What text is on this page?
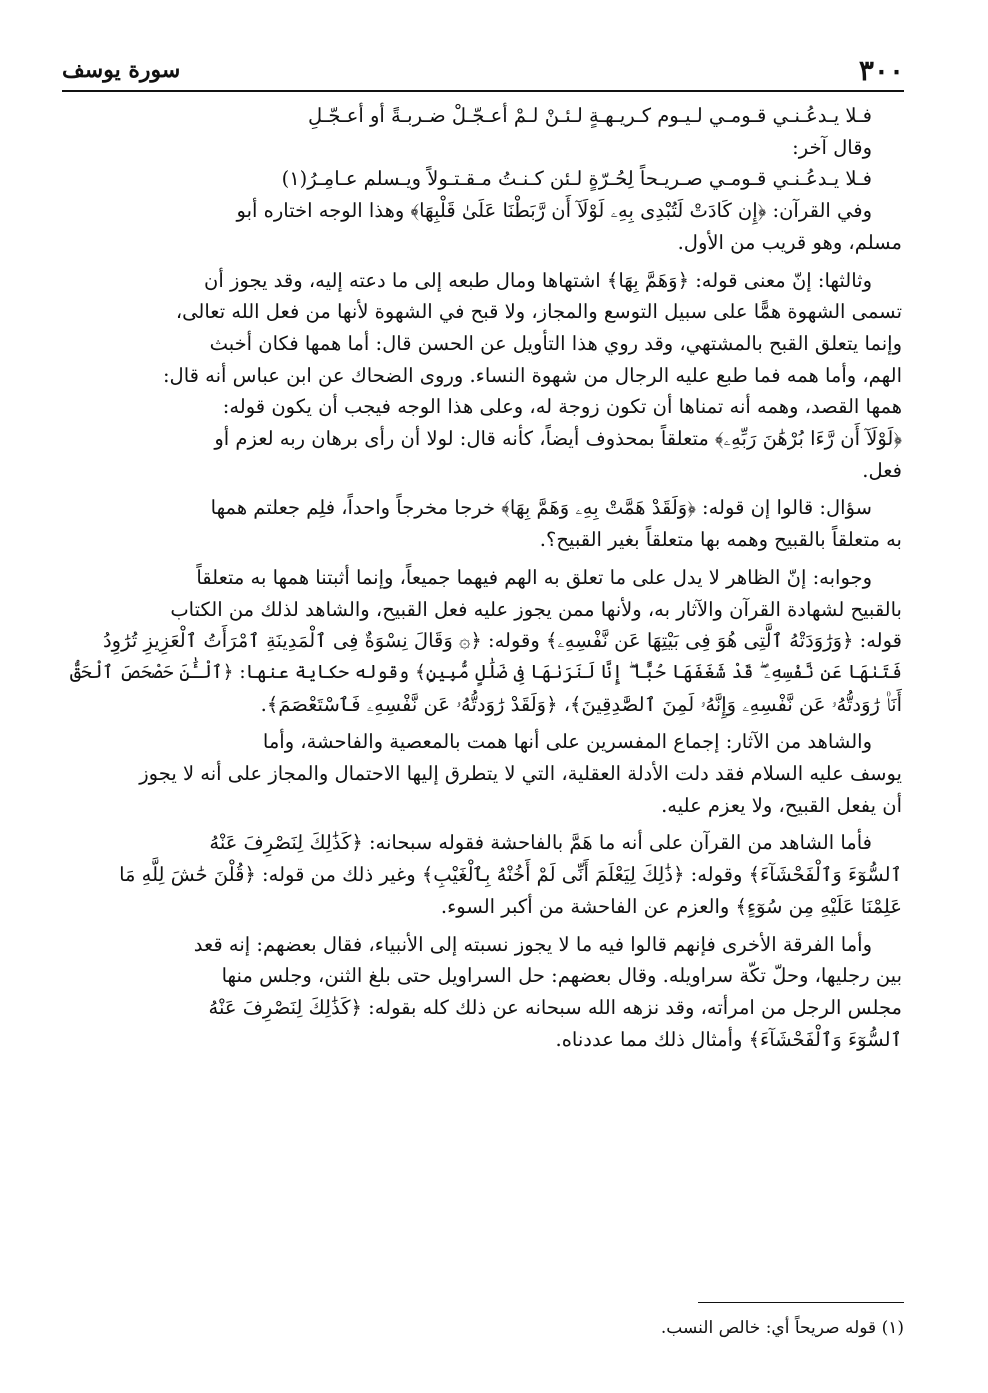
٣٠٠
سورة يوسف
فـلا يـدعُـنـي قـومـي لـيـوم كـريـهـةٍ لـئـنْ لـمْ أعـجّـلْ ضـربـةً أو أعـجّـلِ
وقال آخر:
فـلا يـدعُـنـي قـومـي صـريـحاً لِحُـرّةٍ لـئن كـنـتُ مـقـتـولاً ويـسلم عـامِـرُ(١)
وفي القرآن: ﴿إِن كَادَتْ لَتُبْدِى بِهِۦ لَوْلَآ أَن رَّبَطْنَا عَلَىٰ قَلْبِهَا﴾ وهذا الوجه اختاره أبو
مسلم، وهو قريب من الأول.
وثالثها: إنّ معنى قوله: ﴿وَهَمَّ بِهَا﴾ اشتهاها ومال طبعه إلى ما دعته إليه، وقد يجوز أن
تسمى الشهوة همًّا على سبيل التوسع والمجاز، ولا قبح في الشهوة لأنها من فعل الله تعالى،
وإنما يتعلق القبح بالمشتهي، وقد روي هذا التأويل عن الحسن قال: أما همها فكان أخبث
الهم، وأما همه فما طبع عليه الرجال من شهوة النساء. وروى الضحاك عن ابن عباس أنه قال:
همها القصد، وهمه أنه تمناها أن تكون زوجة له، وعلى هذا الوجه فيجب أن يكون قوله:
﴿لَوْلَآ أَن رَّءَا بُرْهَٰنَ رَبِّهِۦ﴾ متعلقاً بمحذوف أيضاً، كأنه قال: لولا أن رأى برهان ربه لعزم أو
فعل.
سؤال: قالوا إن قوله: ﴿وَلَقَدْ هَمَّتْ بِهِۦ وَهَمَّ بِهَا﴾ خرجا مخرجاً واحداً، فلِم جعلتم همها
به متعلقاً بالقبيح وهمه بها متعلقاً بغير القبيح؟.
وجوابه: إنّ الظاهر لا يدل على ما تعلق به الهم فيهما جميعاً، وإنما أثبتنا همها به متعلقاً
بالقبيح لشهادة القرآن والآثار به، ولأنها ممن يجوز عليه فعل القبيح، والشاهد لذلك من الكتاب
قوله: ﴿وَرَٰوَدَتْهُ ٱلَّتِى هُوَ فِى بَيْتِهَا عَن نَّفْسِهِۦ﴾ وقوله: ﴿۞ وَقَالَ نِسْوَةٌ فِى ٱلْمَدِينَةِ ٱمْرَأَتُ ٱلْعَزِيزِ تُرَٰوِدُ
فَتَىٰهَا عَن نَّفْسِهِۦ ۖ قَدْ شَغَفَهَا حُبًّا ۖ إِنَّا لَنَرَىٰهَا فِى ضَلَٰلٍ مُّبِينٍ﴾ وقوله حكاية عنها: ﴿ٱلْـَٰٔنَ حَصْحَصَ ٱلْحَقُّ
أَنَا۠ رَٰوَدتُّهُۥ عَن نَّفْسِهِۦ وَإِنَّهُۥ لَمِنَ ٱلصَّٰدِقِينَ﴾، ﴿وَلَقَدْ رَٰوَدتُّهُۥ عَن نَّفْسِهِۦ فَٱسْتَعْصَمَ﴾.
والشاهد من الآثار: إجماع المفسرين على أنها همت بالمعصية والفاحشة، وأما
يوسف عليه السلام فقد دلت الأدلة العقلية، التي لا يتطرق إليها الاحتمال والمجاز على أنه لا يجوز
أن يفعل القبيح، ولا يعزم عليه.
فأما الشاهد من القرآن على أنه ما هَمَّ بالفاحشة فقوله سبحانه: ﴿كَذَٰلِكَ لِنَصْرِفَ عَنْهُ
ٱلسُّوٓءَ وَٱلْفَحْشَآءَ﴾ وقوله: ﴿ذَٰلِكَ لِيَعْلَمَ أَنِّى لَمْ أَخُنْهُ بِٱلْغَيْبِ﴾ وغير ذلك من قوله: ﴿قُلْنَ حَٰشَ لِلَّهِ مَا
عَلِمْنَا عَلَيْهِ مِن سُوٓءٍ﴾ والعزم عن الفاحشة من أكبر السوء.
وأما الفرقة الأخرى فإنهم قالوا فيه ما لا يجوز نسبته إلى الأنبياء، فقال بعضهم: إنه قعد
بين رجليها، وحلّ تكّة سراويله. وقال بعضهم: حل السراويل حتى بلغ الثنن، وجلس منها
مجلس الرجل من امرأته، وقد نزهه الله سبحانه عن ذلك كله بقوله: ﴿كَذَٰلِكَ لِنَصْرِفَ عَنْهُ
ٱلسُّوٓءَ وَٱلْفَحْشَآءَ﴾ وأمثال ذلك مما عددناه.
(١) قوله صريحاً أي: خالص النسب.
